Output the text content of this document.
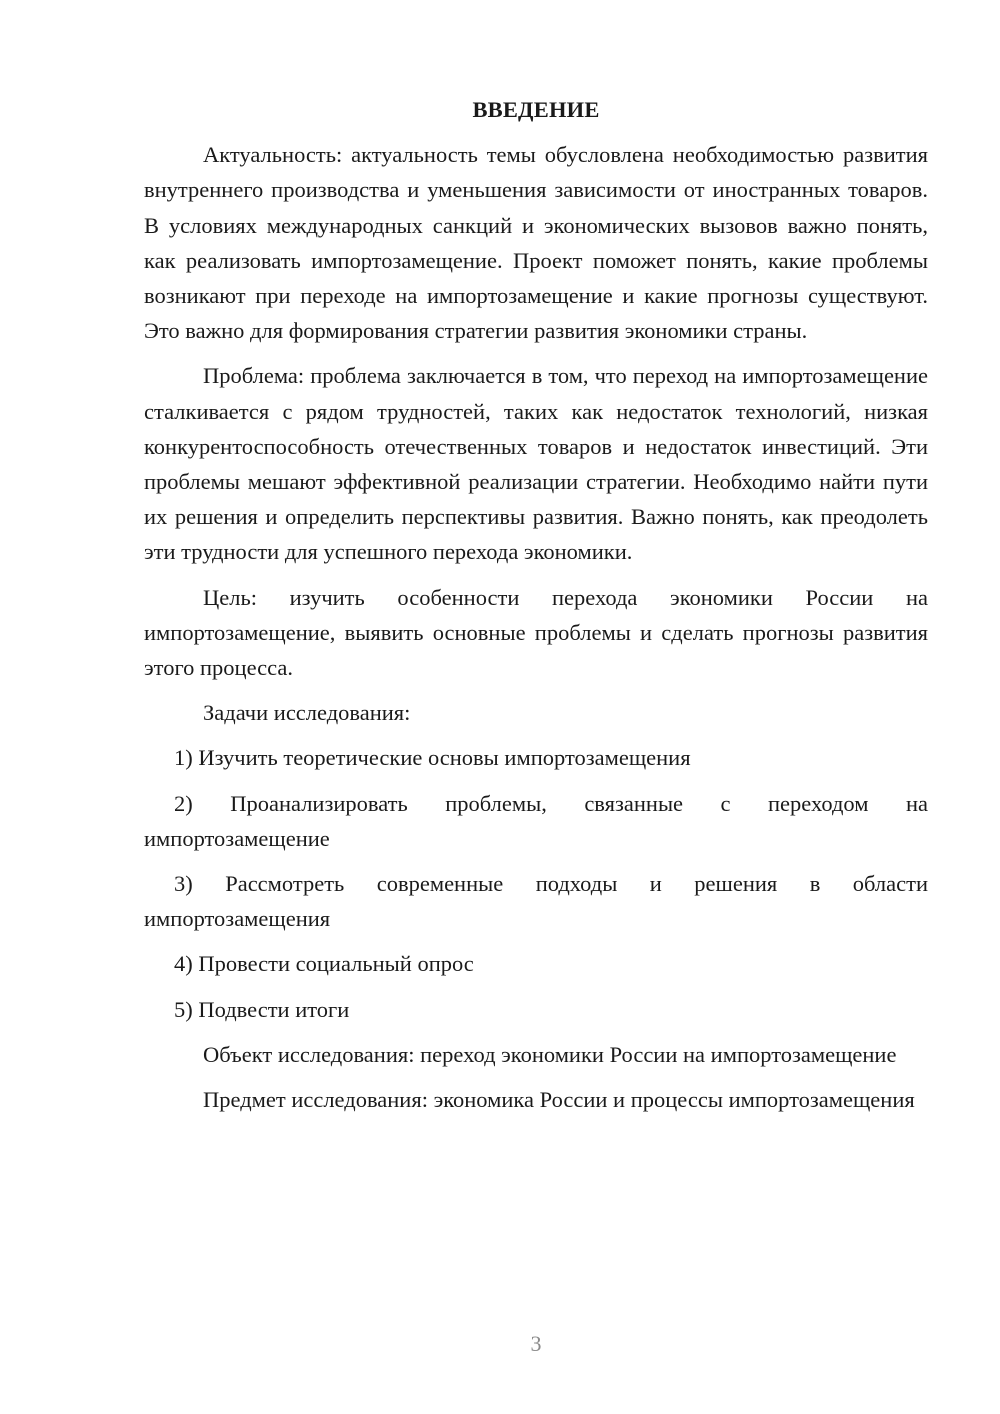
ВВЕДЕНИЕ

Актуальность: актуальность темы обусловлена необходимостью развития внутреннего производства и уменьшения зависимости от иностранных товаров. В условиях международных санкций и экономических вызовов важно понять, как реализовать импортозамещение. Проект поможет понять, какие проблемы возникают при переходе на импортозамещение и какие прогнозы существуют. Это важно для формирования стратегии развития экономики страны.

Проблема: проблема заключается в том, что переход на импортозамещение сталкивается с рядом трудностей, таких как недостаток технологий, низкая конкурентоспособность отечественных товаров и недостаток инвестиций. Эти проблемы мешают эффективной реализации стратегии. Необходимо найти пути их решения и определить перспективы развития. Важно понять, как преодолеть эти трудности для успешного перехода экономики.

Цель: изучить особенности перехода экономики России на импортозамещение, выявить основные проблемы и сделать прогнозы развития этого процесса.

Задачи исследования:

1) Изучить теоретические основы импортозамещения

2) Проанализировать проблемы, связанные с переходом на импортозамещение

3) Рассмотреть современные подходы и решения в области импортозамещения

4) Провести социальный опрос

5) Подвести итоги

Объект исследования: переход экономики России на импортозамещение

Предмет исследования: экономика России и процессы импортозамещения

3
